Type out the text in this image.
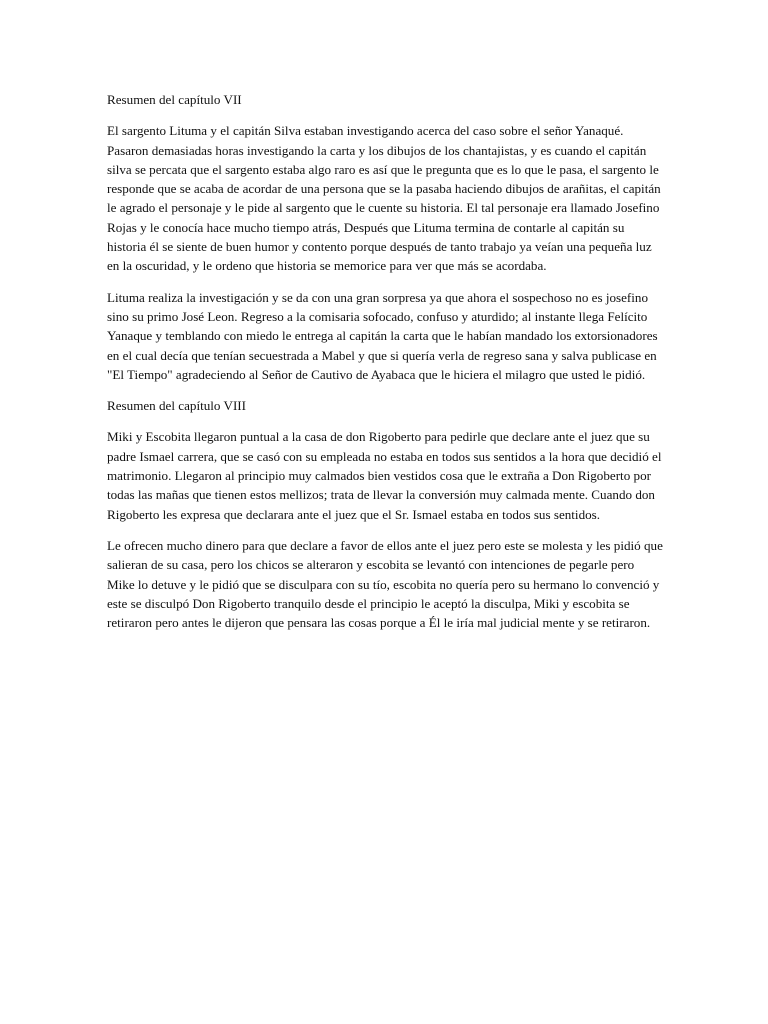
Resumen del capítulo VII

El sargento Lituma y el capitán Silva estaban investigando acerca del caso sobre el señor Yanaqué. Pasaron demasiadas horas investigando la carta y los dibujos de los chantajistas, y es cuando el capitán silva se percata que el sargento estaba algo raro es así que le pregunta que es lo que le pasa, el sargento le responde que se acaba de acordar de una persona que se la pasaba haciendo dibujos de arañitas, el capitán le agrado el personaje y le pide al sargento que le cuente su historia. El tal personaje era llamado Josefino Rojas y le conocía hace mucho tiempo atrás, Después que Lituma termina de contarle al capitán su historia él se siente de buen humor y contento porque después de tanto trabajo ya veían una pequeña luz en la oscuridad, y le ordeno que historia se memorice para ver que más se acordaba.

Lituma realiza la investigación y se da con una gran sorpresa ya que ahora el sospechoso no es josefino sino su primo José Leon. Regreso a la comisaria sofocado, confuso y aturdido; al instante llega Felícito Yanaque y temblando con miedo le entrega al capitán la carta que le habían mandado los extorsionadores en el cual decía que tenían secuestrada a Mabel y que si quería verla de regreso sana y salva publicase en "El Tiempo" agradeciendo al Señor de Cautivo de Ayabaca que le hiciera el milagro que usted le pidió.

Resumen del capítulo VIII

Miki y Escobita llegaron puntual a la casa de don Rigoberto para pedirle que declare ante el juez que su padre Ismael carrera, que se casó con su empleada no estaba en todos sus sentidos a la hora que decidió el matrimonio. Llegaron al principio muy calmados bien vestidos cosa que le extraña a Don Rigoberto por todas las mañas que tienen estos mellizos; trata de llevar la conversión muy calmada mente. Cuando don Rigoberto les expresa que declarara ante el juez que el Sr. Ismael estaba en todos sus sentidos.

Le ofrecen mucho dinero para que declare a favor de ellos ante el juez pero este se molesta y les pidió que salieran de su casa, pero los chicos se alteraron y escobita se levantó con intenciones de pegarle pero Mike lo detuve y le pidió que se disculpara con su tío, escobita no quería pero su hermano lo convenció y este se disculpó Don Rigoberto tranquilo desde el principio le aceptó la disculpa, Miki y escobita se retiraron pero antes le dijeron que pensara las cosas porque a Él le iría mal judicial mente y se retiraron.
